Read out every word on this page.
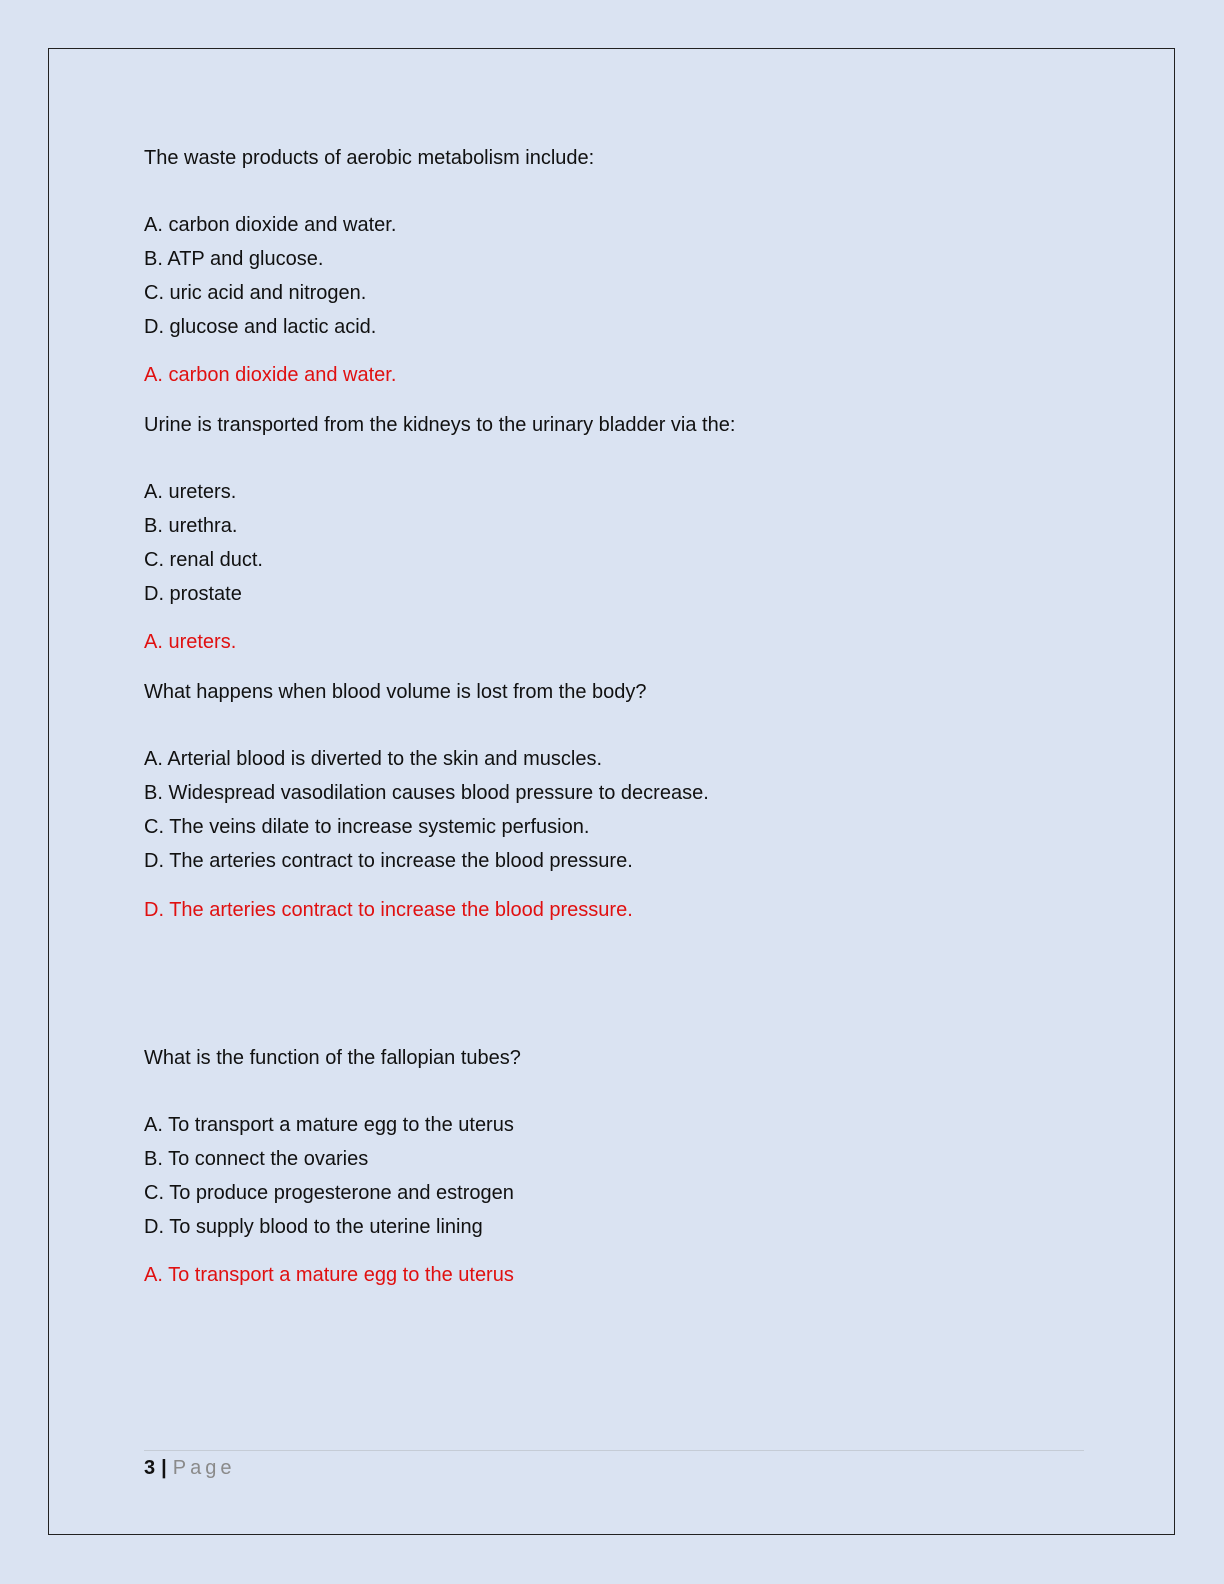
The waste products of aerobic metabolism include:
A. carbon dioxide and water.
B. ATP and glucose.
C. uric acid and nitrogen.
D. glucose and lactic acid.
A. carbon dioxide and water.
Urine is transported from the kidneys to the urinary bladder via the:
A. ureters.
B. urethra.
C. renal duct.
D. prostate
A. ureters.
What happens when blood volume is lost from the body?
A. Arterial blood is diverted to the skin and muscles.
B. Widespread vasodilation causes blood pressure to decrease.
C. The veins dilate to increase systemic perfusion.
D. The arteries contract to increase the blood pressure.
D. The arteries contract to increase the blood pressure.
What is the function of the fallopian tubes?
A. To transport a mature egg to the uterus
B. To connect the ovaries
C. To produce progesterone and estrogen
D. To supply blood to the uterine lining
A. To transport a mature egg to the uterus
3 | Page
